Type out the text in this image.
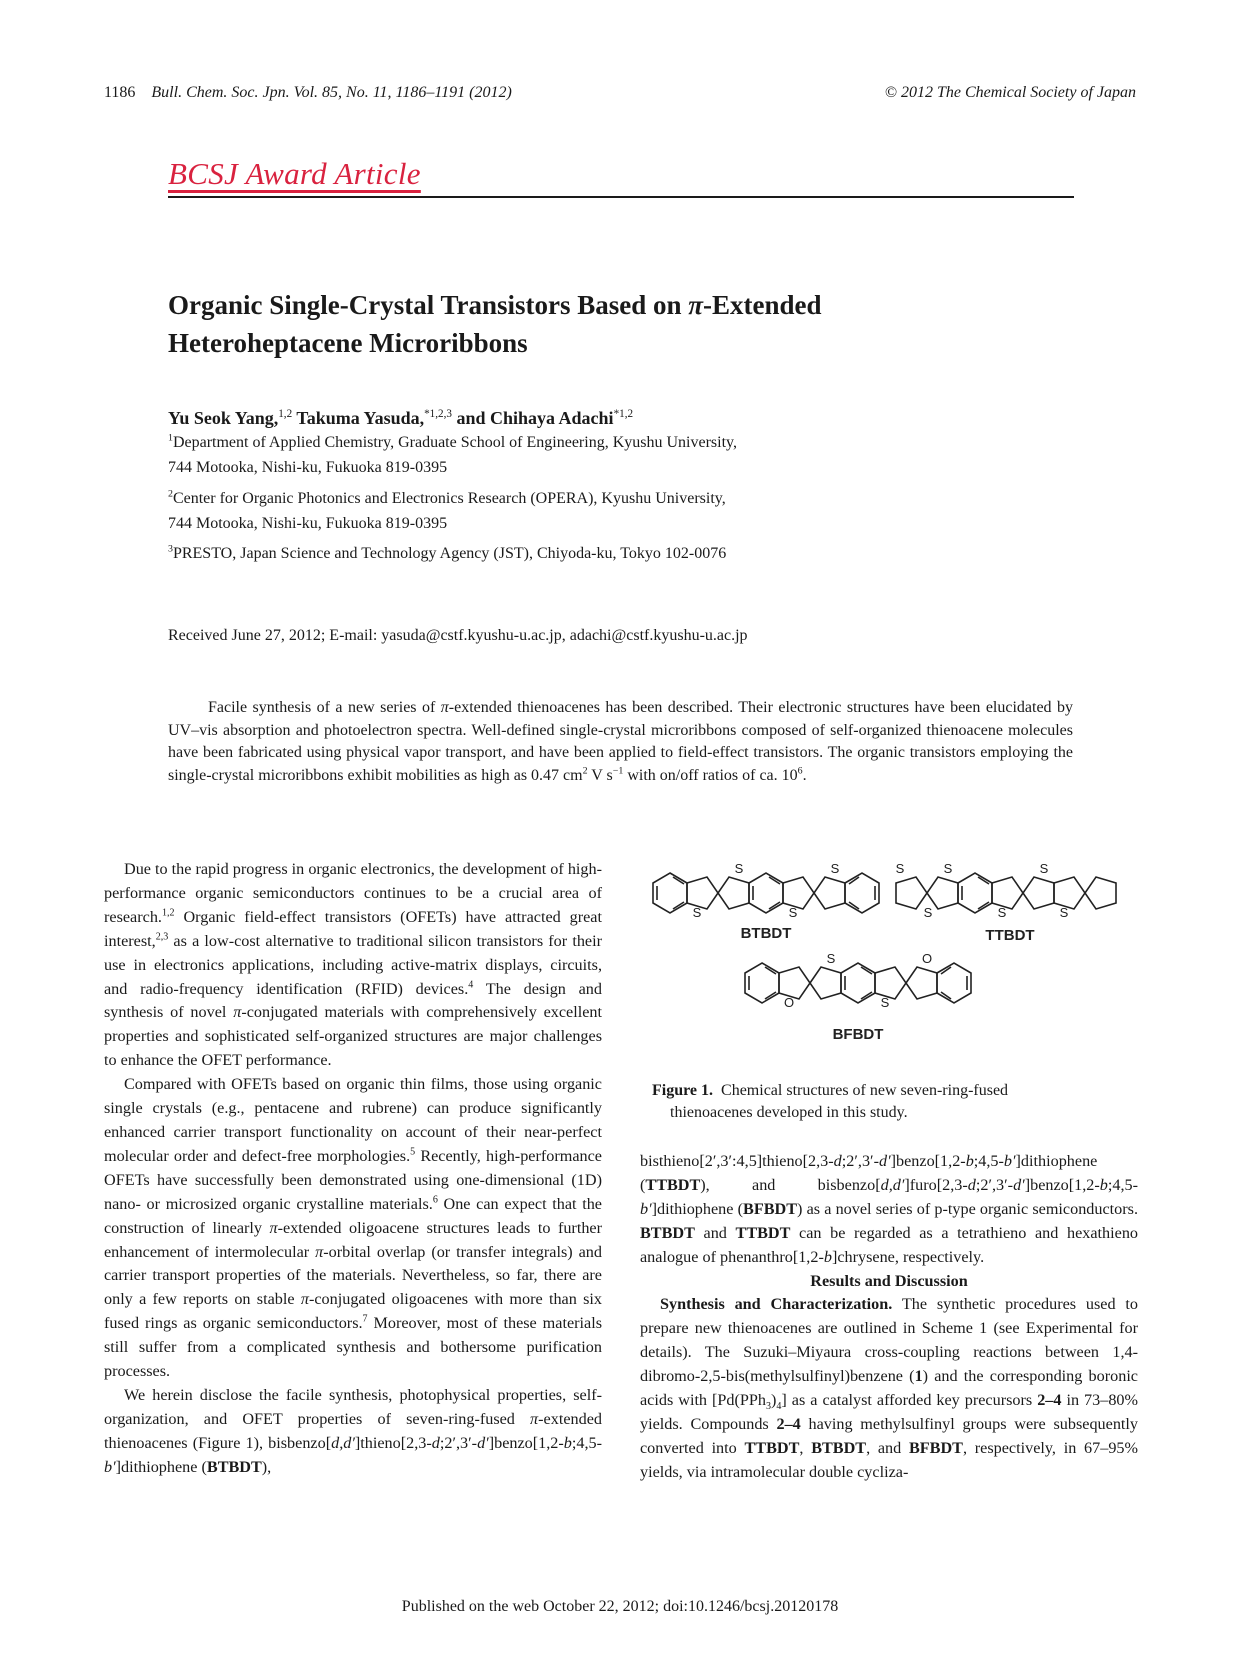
1186 Bull. Chem. Soc. Jpn. Vol. 85, No. 11, 1186–1191 (2012)	© 2012 The Chemical Society of Japan
BCSJ Award Article
Organic Single-Crystal Transistors Based on π-Extended
Heteroheptacene Microribbons
Yu Seok Yang,$^{1,2}$ Takuma Yasuda,$^{*1,2,3}$ and Chihaya Adachi$^{*1,2}$
$^1$Department of Applied Chemistry, Graduate School of Engineering, Kyushu University,
744 Motooka, Nishi-ku, Fukuoka 819-0395
$^2$Center for Organic Photonics and Electronics Research (OPERA), Kyushu University,
744 Motooka, Nishi-ku, Fukuoka 819-0395
$^3$PRESTO, Japan Science and Technology Agency (JST), Chiyoda-ku, Tokyo 102-0076
Received June 27, 2012; E-mail: yasuda@cstf.kyushu-u.ac.jp, adachi@cstf.kyushu-u.ac.jp
Facile synthesis of a new series of π-extended thienoacenes has been described. Their electronic structures have been elucidated by UV–vis absorption and photoelectron spectra. Well-defined single-crystal microribbons composed of self-organized thienoacene molecules have been fabricated using physical vapor transport, and have been applied to field-effect transistors. The organic transistors employing the single-crystal microribbons exhibit mobilities as high as 0.47 $cm^2$ V $s^{-1}$ with on/off ratios of ca. $10^6$.

Due to the rapid progress in organic electronics, the development of high-performance organic semiconductors continues to be a crucial area of research.$^{1,2}$ Organic field-effect transistors (OFETs) have attracted great interest,$^{2,3}$ as a low-cost alternative to traditional silicon transistors for their use in electronics applications, including active-matrix displays, circuits, and radio-frequency identification (RFID) devices.$^4$ The design and synthesis of novel π-conjugated materials with comprehensively excellent properties and sophisticated self-organized structures are major challenges to enhance the OFET performance.

Compared with OFETs based on organic thin films, those using organic single crystals (e.g., pentacene and rubrene) can produce significantly enhanced carrier transport functionality on account of their near-perfect molecular order and defect-free morphologies.$^5$ Recently, high-performance OFETs have successfully been demonstrated using one-dimensional (1D) nano- or microsized organic crystalline materials.$^6$ One can expect that the construction of linearly π-extended oligoacene structures leads to further enhancement of intermolecular π-orbital overlap (or transfer integrals) and carrier transport properties of the materials. Nevertheless, so far, there are only a few reports on stable π-conjugated oligoacenes with more than six fused rings as organic semiconductors.$^7$ Moreover, most of these materials still suffer from a complicated synthesis and bothersome purification processes.

We herein disclose the facile synthesis, photophysical properties, self-organization, and OFET properties of seven-ring-fused π-extended thienoacenes (Figure 1), bisbenzo[d,d′]thieno[2,3-d;2′,3′-d′]benzo[1,2-b;4,5-b′]dithiophene (BTBDT),

S
S
S
S	S
S
S
S
S
S
O
S
S
O
BTBDT	TTBDT
BFBDT
Figure 1. Chemical structures of new seven-ring-fused
thienoacenes developed in this study.

bisthieno[2′,3′:4,5]thieno[2,3-d;2′,3′-d′]benzo[1,2-b;4,5-b′]dithiophene (TTBDT), and bisbenzo[d,d′]furo[2,3-d;2′,3′-d′]benzo[1,2-b;4,5-b′]dithiophene (BFBDT) as a novel series of p-type organic semiconductors. BTBDT and TTBDT can be regarded as a tetrathieno and hexathieno analogue of phenanthro[1,2-b]chrysene, respectively.

Results and Discussion

Synthesis and Characterization. The synthetic procedures used to prepare new thienoacenes are outlined in Scheme 1 (see Experimental for details). The Suzuki–Miyaura cross-coupling reactions between 1,4-dibromo-2,5-bis(methylsulfinyl)benzene (1) and the corresponding boronic acids with $[Pd(PPh_3)_4]$ as a catalyst afforded key precursors 2–4 in 73–80% yields. Compounds 2–4 having methylsulfinyl groups were subsequently converted into TTBDT, BTBDT, and BFBDT, respectively, in 67–95% yields, via intramolecular double cycliza-

Published on the web October 22, 2012; doi:10.1246/bcsj.20120178
